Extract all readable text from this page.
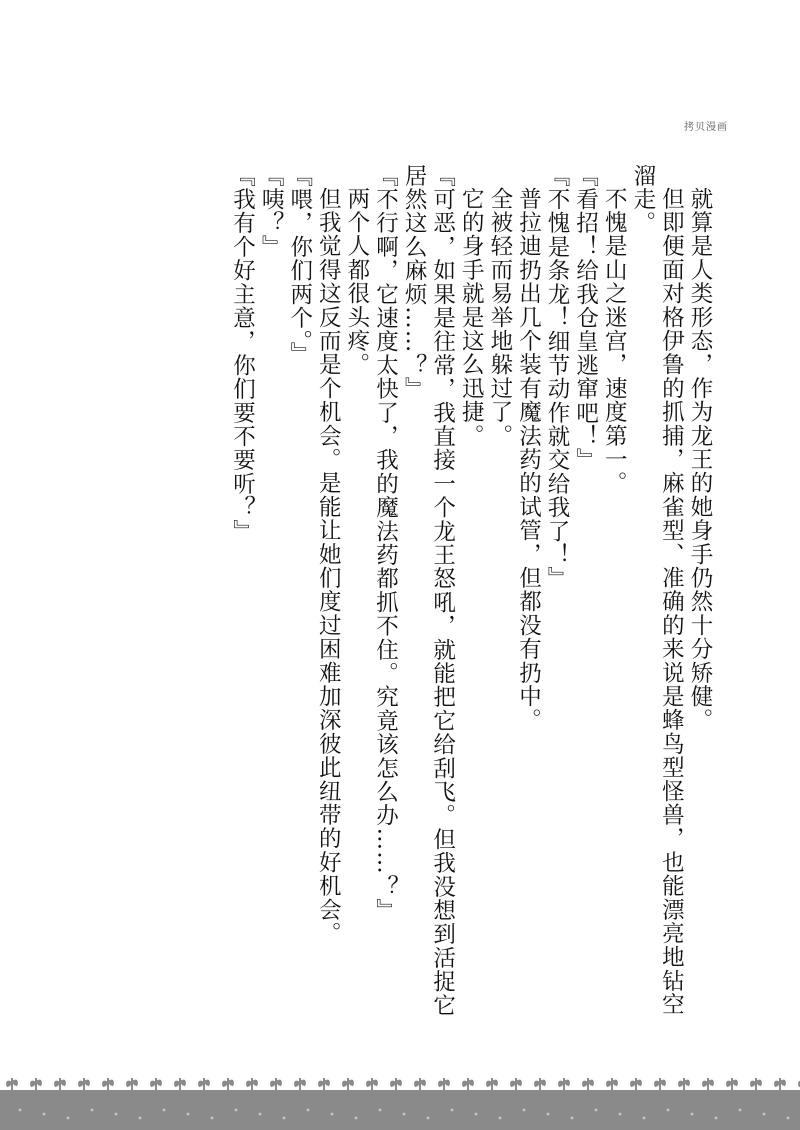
拷贝漫画

就算是人类形态，作为龙王的她身手仍然十分矫健。

但即便面对格伊鲁的抓捕，麻雀型、准确的来说是蜂鸟型怪兽，也能漂亮地钻空溜走。

不愧是山之迷宫，速度第一。

『看招！给我仓皇逃窜吧！』

『不愧是条龙！细节动作就交给我了！』

普拉迪扔出几个装有魔法药的试管，但都没有扔中。

全被轻而易举地躲过了。

它的身手就是这么迅捷。

『可恶，如果是往常，我直接一个龙王怒吼，就能把它给刮飞。但我没想到活捉它居然这么麻烦……？』

『不行啊，它速度太快了，我的魔法药都抓不住。究竟该怎么办……？』

两个人都很头疼。

但我觉得这反而是个机会。是能让她们度过困难加深彼此纽带的好机会。

『喂，你们两个。』

『咦？』

『我有个好主意，你们要不要听？』
